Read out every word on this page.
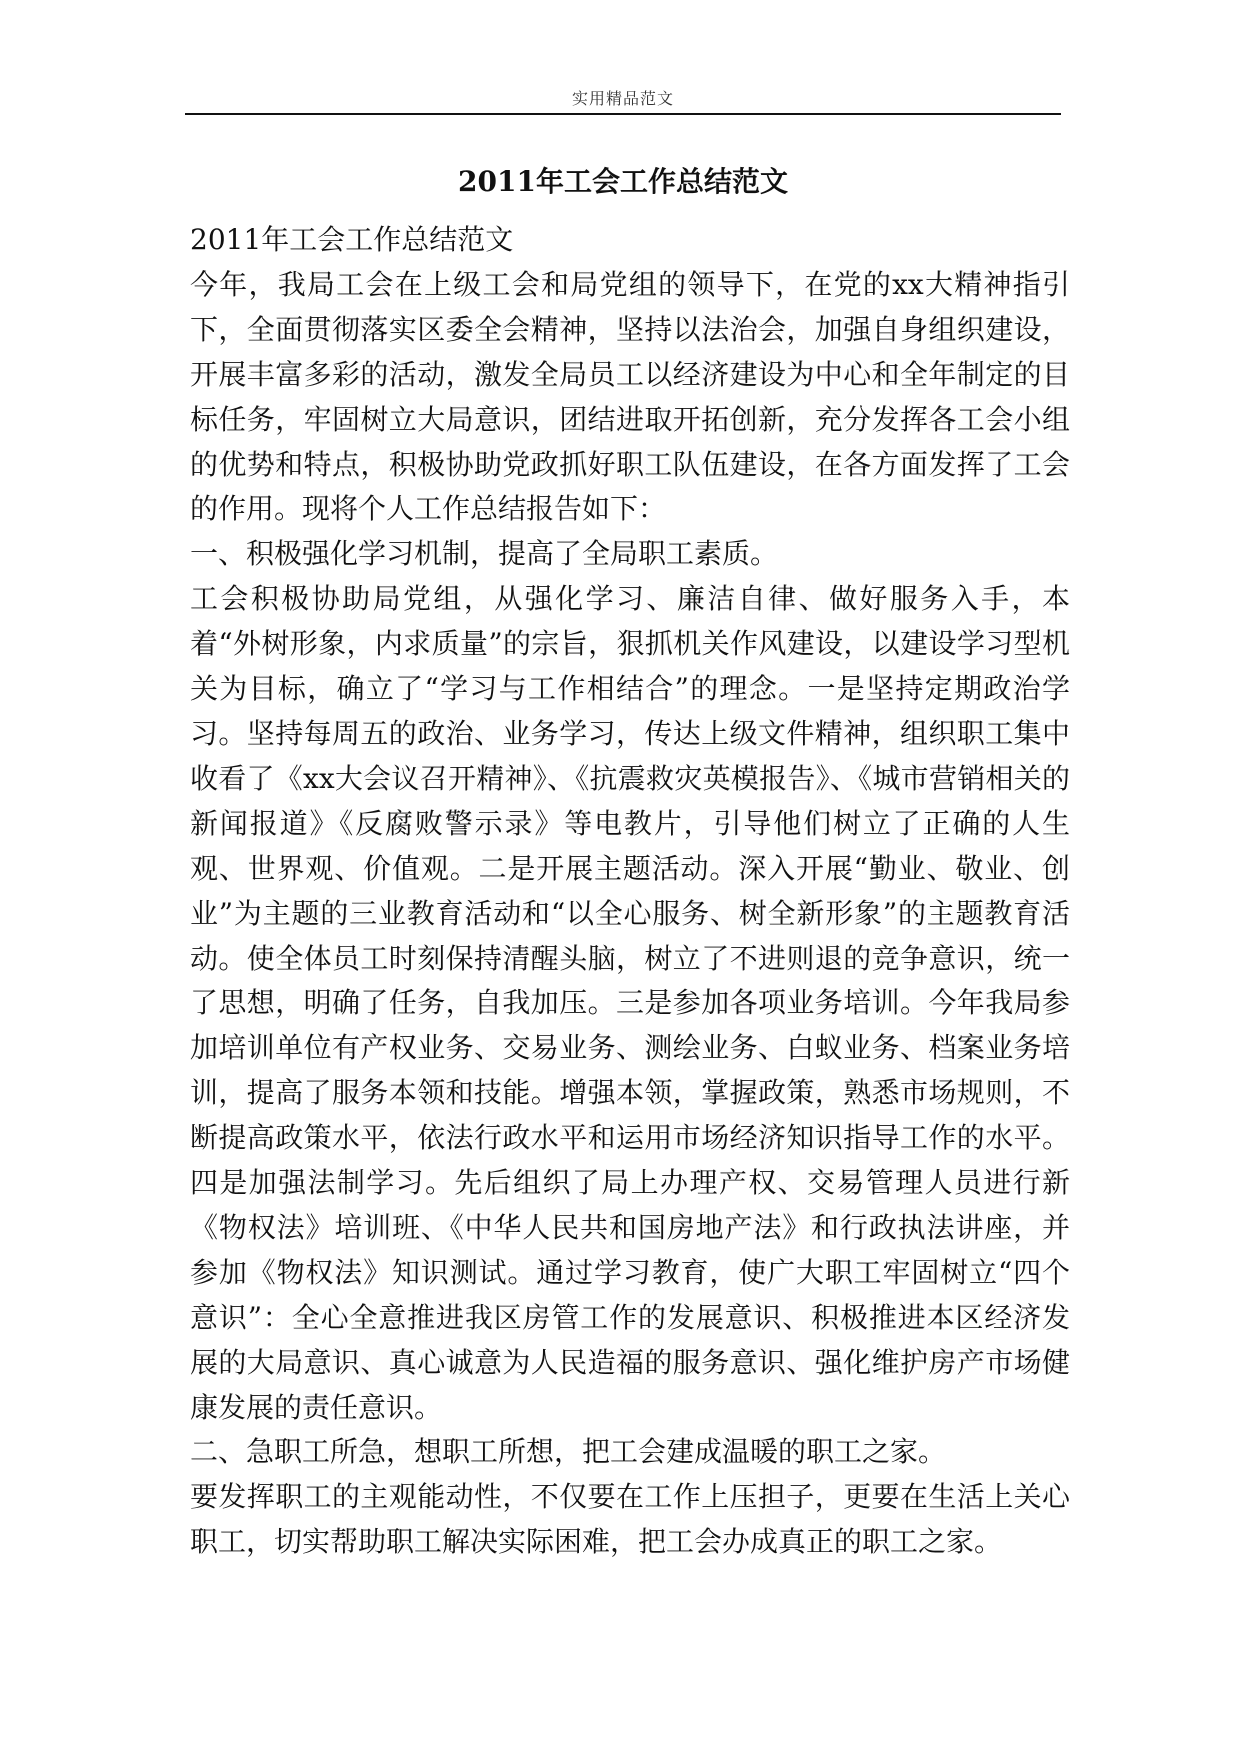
实用精品范文
2011年工会工作总结范文

2011年工会工作总结范文

今年，我局工会在上级工会和局党组的领导下，在党的xx大精神指引下，全面贯彻落实区委全会精神，坚持以法治会，加强自身组织建设，开展丰富多彩的活动，激发全局员工以经济建设为中心和全年制定的目标任务，牢固树立大局意识，团结进取开拓创新，充分发挥各工会小组的优势和特点，积极协助党政抓好职工队伍建设，在各方面发挥了工会的作用。现将个人工作总结报告如下：

一、积极强化学习机制，提高了全局职工素质。

工会积极协助局党组，从强化学习、廉洁自律、做好服务入手，本着“外树形象，内求质量”的宗旨，狠抓机关作风建设，以建设学习型机关为目标，确立了“学习与工作相结合”的理念。一是坚持定期政治学习。坚持每周五的政治、业务学习，传达上级文件精神，组织职工集中收看了《xx大会议召开精神》、《抗震救灾英模报告》、《城市营销相关的新闻报道》《反腐败警示录》等电教片，引导他们树立了正确的人生观、世界观、价值观。二是开展主题活动。深入开展“勤业、敬业、创业”为主题的三业教育活动和“以全心服务、树全新形象”的主题教育活动。使全体员工时刻保持清醒头脑，树立了不进则退的竞争意识，统一了思想，明确了任务，自我加压。三是参加各项业务培训。今年我局参加培训单位有产权业务、交易业务、测绘业务、白蚁业务、档案业务培训，提高了服务本领和技能。增强本领，掌握政策，熟悉市场规则，不断提高政策水平，依法行政水平和运用市场经济知识指导工作的水平。四是加强法制学习。先后组织了局上办理产权、交易管理人员进行新《物权法》培训班、《中华人民共和国房地产法》和行政执法讲座，并参加《物权法》知识测试。通过学习教育，使广大职工牢固树立“四个意识”：全心全意推进我区房管工作的发展意识、积极推进本区经济发展的大局意识、真心诚意为人民造福的服务意识、强化维护房产市场健康发展的责任意识。

二、急职工所急，想职工所想，把工会建成温暖的职工之家。

要发挥职工的主观能动性，不仅要在工作上压担子，更要在生活上关心职工，切实帮助职工解决实际困难，把工会办成真正的职工之家。
